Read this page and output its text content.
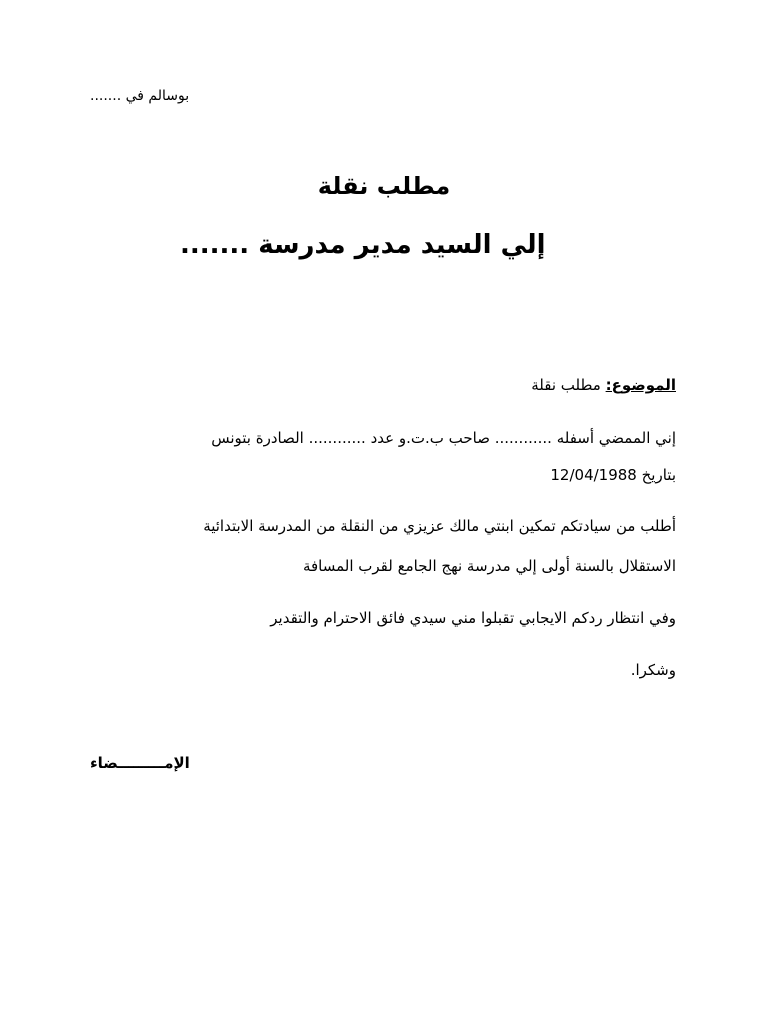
بوسالم في .......
مطلب نقلة
إلي السيد مدير مدرسة .......
الموضوع: مطلب نقلة
إني الممضي أسفله ............ صاحب ب.ت.و عدد ............ الصادرة بتونس
بتاريخ 12/04/1988
أطلب من سيادتكم تمكين ابنتي مالك عزيزي من النقلة من المدرسة الابتدائية
الاستقلال بالسنة أولى إلي مدرسة نهج الجامع لقرب المسافة
وفي انتظار ردكم الايجابي تقبلوا مني سيدي فائق الاحترام والتقدير
وشكرا.
الإمـــــــــضاء
